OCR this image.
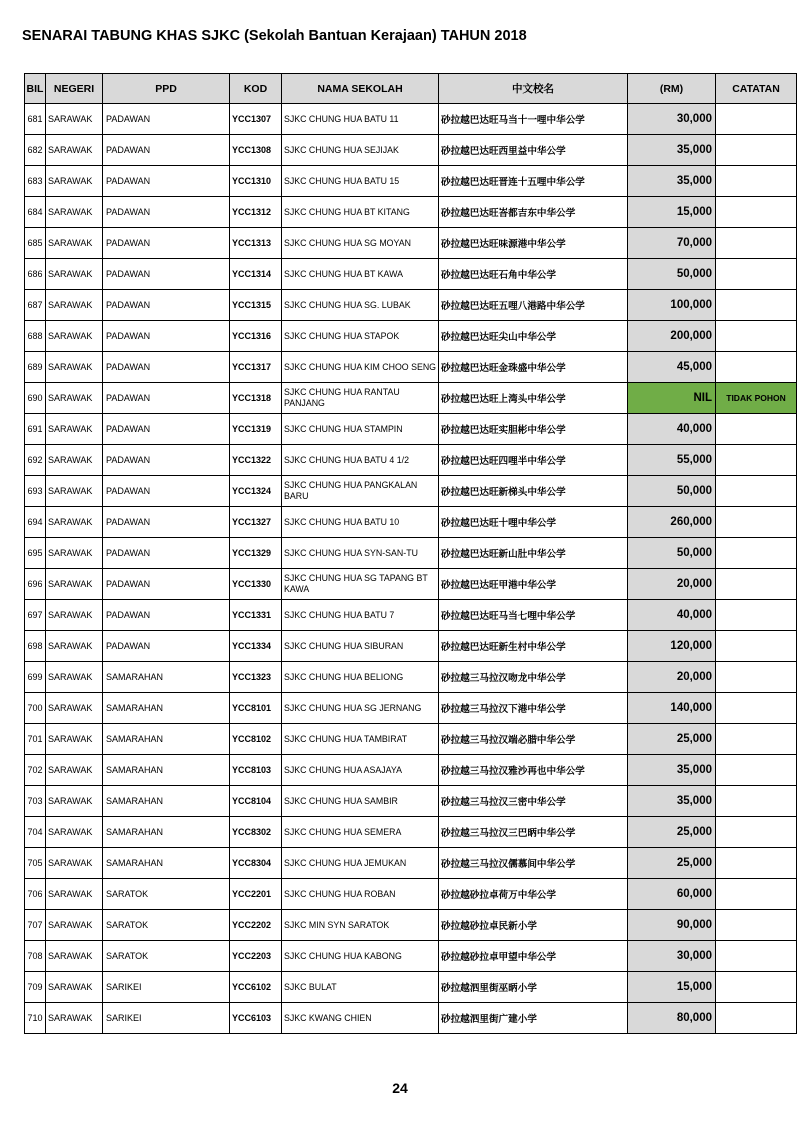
SENARAI TABUNG KHAS SJKC (Sekolah Bantuan Kerajaan) TAHUN 2018
BIL	NEGERI	PPD	KOD	NAMA SEKOLAH	中文校名	(RM)	CATATAN
681	SARAWAK	PADAWAN	YCC1307	SJKC CHUNG HUA BATU 11	砂拉越巴达旺马当十一哩中华公学	30,000	
682	SARAWAK	PADAWAN	YCC1308	SJKC CHUNG HUA SEJIJAK	砂拉越巴达旺西里益中华公学	35,000	
683	SARAWAK	PADAWAN	YCC1310	SJKC CHUNG HUA BATU 15	砂拉越巴达旺晋连十五哩中华公学	35,000	
684	SARAWAK	PADAWAN	YCC1312	SJKC CHUNG HUA BT KITANG	砂拉越巴达旺峇都吉东中华公学	15,000	
685	SARAWAK	PADAWAN	YCC1313	SJKC CHUNG HUA SG MOYAN	砂拉越巴达旺味源港中华公学	70,000	
686	SARAWAK	PADAWAN	YCC1314	SJKC CHUNG HUA BT KAWA	砂拉越巴达旺石角中华公学	50,000	
687	SARAWAK	PADAWAN	YCC1315	SJKC CHUNG HUA SG. LUBAK	砂拉越巴达旺五哩八港路中华公学	100,000	
688	SARAWAK	PADAWAN	YCC1316	SJKC CHUNG HUA STAPOK	砂拉越巴达旺尖山中华公学	200,000	
689	SARAWAK	PADAWAN	YCC1317	SJKC CHUNG HUA KIM CHOO SENG	砂拉越巴达旺金珠盛中华公学	45,000	
690	SARAWAK	PADAWAN	YCC1318	SJKC CHUNG HUA RANTAU PANJANG	砂拉越巴达旺上湾头中华公学	NIL	TIDAK POHON
691	SARAWAK	PADAWAN	YCC1319	SJKC CHUNG HUA STAMPIN	砂拉越巴达旺实胆彬中华公学	40,000	
692	SARAWAK	PADAWAN	YCC1322	SJKC CHUNG HUA BATU 4 1/2	砂拉越巴达旺四哩半中华公学	55,000	
693	SARAWAK	PADAWAN	YCC1324	SJKC CHUNG HUA PANGKALAN BARU	砂拉越巴达旺新梯头中华公学	50,000	
694	SARAWAK	PADAWAN	YCC1327	SJKC CHUNG HUA BATU 10	砂拉越巴达旺十哩中华公学	260,000	
695	SARAWAK	PADAWAN	YCC1329	SJKC CHUNG HUA SYN-SAN-TU	砂拉越巴达旺新山肚中华公学	50,000	
696	SARAWAK	PADAWAN	YCC1330	SJKC CHUNG HUA SG TAPANG BT KAWA	砂拉越巴达旺甲港中华公学	20,000	
697	SARAWAK	PADAWAN	YCC1331	SJKC CHUNG HUA BATU 7	砂拉越巴达旺马当七哩中华公学	40,000	
698	SARAWAK	PADAWAN	YCC1334	SJKC CHUNG HUA SIBURAN	砂拉越巴达旺新生村中华公学	120,000	
699	SARAWAK	SAMARAHAN	YCC1323	SJKC CHUNG HUA BELIONG	砂拉越三马拉汉吻龙中华公学	20,000	
700	SARAWAK	SAMARAHAN	YCC8101	SJKC CHUNG HUA SG JERNANG	砂拉越三马拉汉下港中华公学	140,000	
701	SARAWAK	SAMARAHAN	YCC8102	SJKC CHUNG HUA TAMBIRAT	砂拉越三马拉汉端必腊中华公学	25,000	
702	SARAWAK	SAMARAHAN	YCC8103	SJKC CHUNG HUA ASAJAYA	砂拉越三马拉汉雅沙再也中华公学	35,000	
703	SARAWAK	SAMARAHAN	YCC8104	SJKC CHUNG HUA SAMBIR	砂拉越三马拉汉三密中华公学	35,000	
704	SARAWAK	SAMARAHAN	YCC8302	SJKC CHUNG HUA SEMERA	砂拉越三马拉汉三巴昞中华公学	25,000	
705	SARAWAK	SAMARAHAN	YCC8304	SJKC CHUNG HUA JEMUKAN	砂拉越三马拉汉儒慕间中华公学	25,000	
706	SARAWAK	SARATOK	YCC2201	SJKC CHUNG HUA ROBAN	砂拉越砂拉卓荷万中华公学	60,000	
707	SARAWAK	SARATOK	YCC2202	SJKC MIN SYN SARATOK	砂拉越砂拉卓民新小学	90,000	
708	SARAWAK	SARATOK	YCC2203	SJKC CHUNG HUA KABONG	砂拉越砂拉卓甲望中华公学	30,000	
709	SARAWAK	SARIKEI	YCC6102	SJKC BULAT	砂拉越泗里街巫昞小学	15,000	
710	SARAWAK	SARIKEI	YCC6103	SJKC KWANG CHIEN	砂拉越泗里街广建小学	80,000	
24
